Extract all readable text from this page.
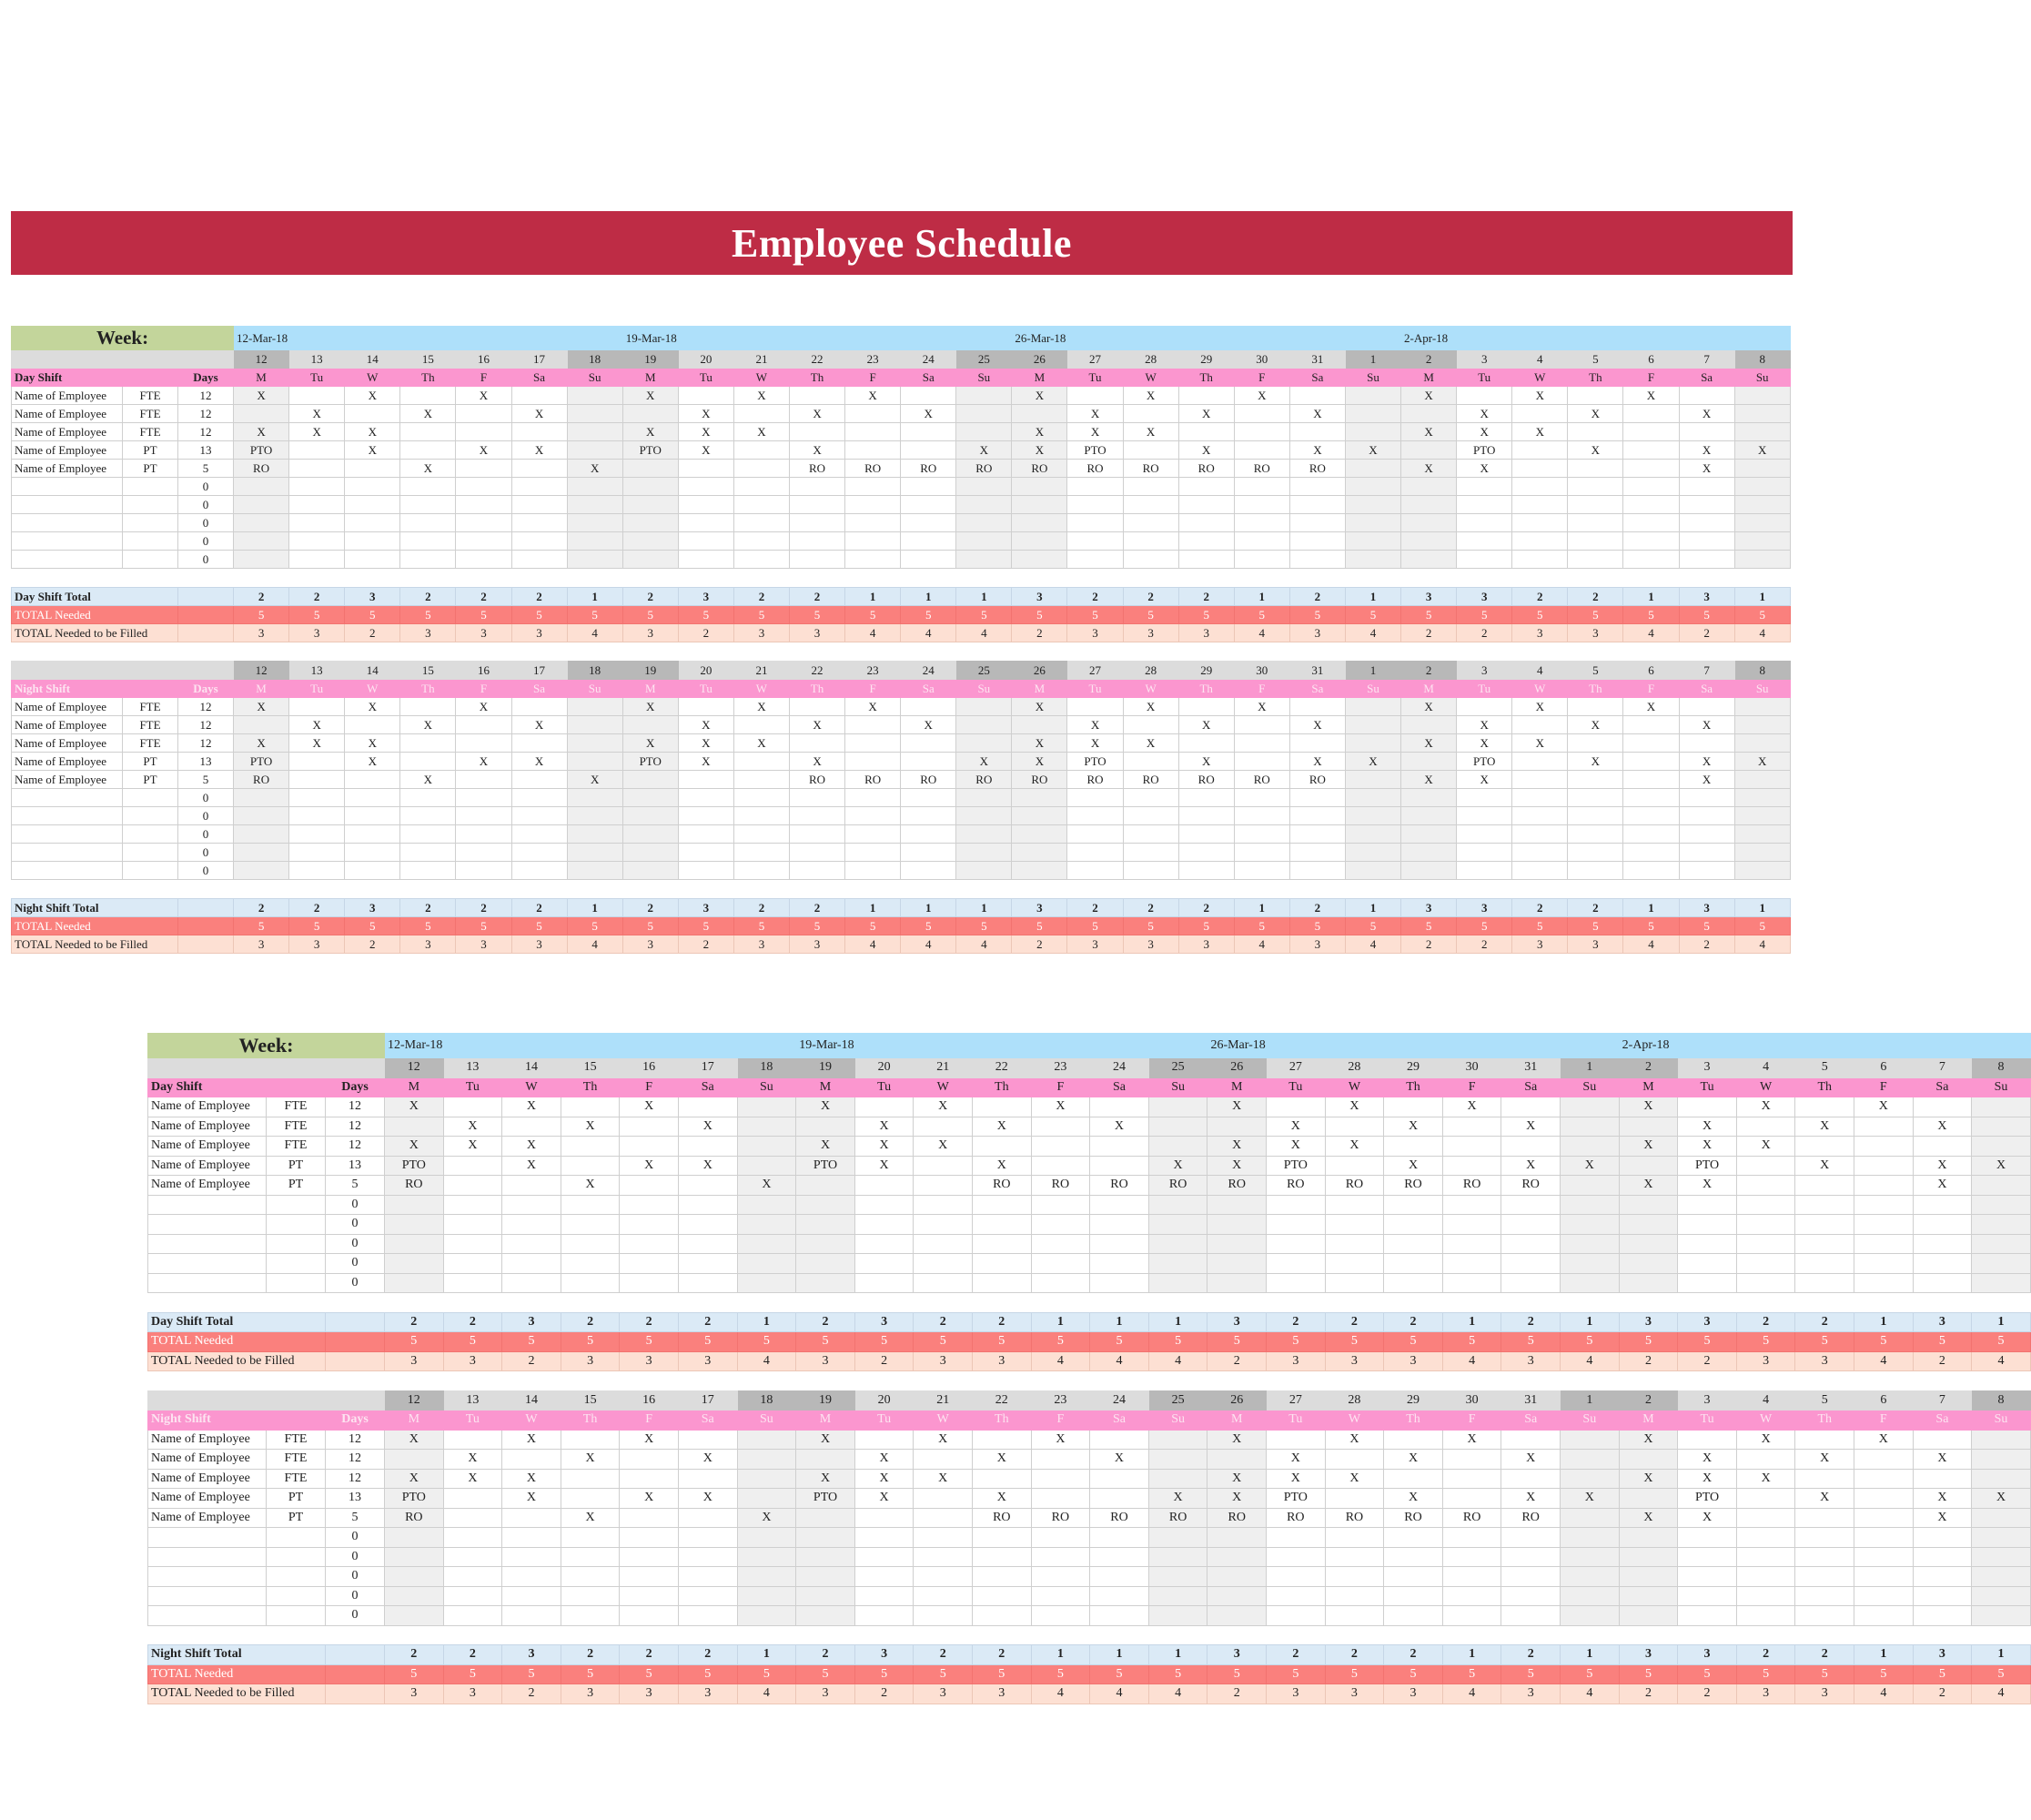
Employee Schedule
Week:			12-Mar-18							19-Mar-18							26-Mar-18							2-Apr-18						
			12	13	14	15	16	17	18	19	20	21	22	23	24	25	26	27	28	29	30	31	1	2	3	4	5	6	7	8
Day Shift		Days	M	Tu	W	Th	F	Sa	Su	M	Tu	W	Th	F	Sa	Su	M	Tu	W	Th	F	Sa	Su	M	Tu	W	Th	F	Sa	Su
Name of Employee	FTE	12	X		X		X			X		X		X			X		X		X			X		X		X		
Name of Employee	FTE	12		X		X		X			X		X		X			X		X		X			X		X		X	
Name of Employee	FTE	12	X	X	X					X	X	X					X	X	X					X	X	X				
Name of Employee	PT	13	PTO		X		X	X		PTO	X		X			X	X	PTO		X		X	X		PTO		X		X	X
Name of Employee	PT	5	RO			X			X				RO	RO	RO	RO	RO	RO	RO	RO	RO	RO		X	X				X	
		0																												
		0																												
		0																												
		0																												
		0																												

Day Shift Total			2	2	3	2	2	2	1	2	3	2	2	1	1	1	3	2	2	2	1	2	1	3	3	2	2	1	3	1
TOTAL Needed			5	5	5	5	5	5	5	5	5	5	5	5	5	5	5	5	5	5	5	5	5	5	5	5	5	5	5	5
TOTAL Needed to be Filled			3	3	2	3	3	3	4	3	2	3	3	4	4	4	2	3	3	3	4	3	4	2	2	3	3	4	2	4

			12	13	14	15	16	17	18	19	20	21	22	23	24	25	26	27	28	29	30	31	1	2	3	4	5	6	7	8
Night Shift		Days	M	Tu	W	Th	F	Sa	Su	M	Tu	W	Th	F	Sa	Su	M	Tu	W	Th	F	Sa	Su	M	Tu	W	Th	F	Sa	Su
Name of Employee	FTE	12	X		X		X			X		X		X			X		X		X			X		X		X		
Name of Employee	FTE	12		X		X		X			X		X		X			X		X		X			X		X		X	
Name of Employee	FTE	12	X	X	X					X	X	X					X	X	X					X	X	X				
Name of Employee	PT	13	PTO		X		X	X		PTO	X		X			X	X	PTO		X		X	X		PTO		X		X	X
Name of Employee	PT	5	RO			X			X				RO	RO	RO	RO	RO	RO	RO	RO	RO	RO		X	X				X	
		0																												
		0																												
		0																												
		0																												
		0																												

Night Shift Total			2	2	3	2	2	2	1	2	3	2	2	1	1	1	3	2	2	2	1	2	1	3	3	2	2	1	3	1
TOTAL Needed			5	5	5	5	5	5	5	5	5	5	5	5	5	5	5	5	5	5	5	5	5	5	5	5	5	5	5	5
TOTAL Needed to be Filled			3	3	2	3	3	3	4	3	2	3	3	4	4	4	2	3	3	3	4	3	4	2	2	3	3	4	2	4
Week:			12-Mar-18							19-Mar-18							26-Mar-18							2-Apr-18						
			12	13	14	15	16	17	18	19	20	21	22	23	24	25	26	27	28	29	30	31	1	2	3	4	5	6	7	8
Day Shift		Days	M	Tu	W	Th	F	Sa	Su	M	Tu	W	Th	F	Sa	Su	M	Tu	W	Th	F	Sa	Su	M	Tu	W	Th	F	Sa	Su
Name of Employee	FTE	12	X		X		X			X		X		X			X		X		X			X		X		X		
Name of Employee	FTE	12		X		X		X			X		X		X			X		X		X			X		X		X	
Name of Employee	FTE	12	X	X	X					X	X	X					X	X	X					X	X	X				
Name of Employee	PT	13	PTO		X		X	X		PTO	X		X			X	X	PTO		X		X	X		PTO		X		X	X
Name of Employee	PT	5	RO			X			X				RO	RO	RO	RO	RO	RO	RO	RO	RO	RO		X	X				X	
		0																												
		0																												
		0																												
		0																												
		0																												

Day Shift Total			2	2	3	2	2	2	1	2	3	2	2	1	1	1	3	2	2	2	1	2	1	3	3	2	2	1	3	1
TOTAL Needed			5	5	5	5	5	5	5	5	5	5	5	5	5	5	5	5	5	5	5	5	5	5	5	5	5	5	5	5
TOTAL Needed to be Filled			3	3	2	3	3	3	4	3	2	3	3	4	4	4	2	3	3	3	4	3	4	2	2	3	3	4	2	4

			12	13	14	15	16	17	18	19	20	21	22	23	24	25	26	27	28	29	30	31	1	2	3	4	5	6	7	8
Night Shift		Days	M	Tu	W	Th	F	Sa	Su	M	Tu	W	Th	F	Sa	Su	M	Tu	W	Th	F	Sa	Su	M	Tu	W	Th	F	Sa	Su
Name of Employee	FTE	12	X		X		X			X		X		X			X		X		X			X		X		X		
Name of Employee	FTE	12		X		X		X			X		X		X			X		X		X			X		X		X	
Name of Employee	FTE	12	X	X	X					X	X	X					X	X	X					X	X	X				
Name of Employee	PT	13	PTO		X		X	X		PTO	X		X			X	X	PTO		X		X	X		PTO		X		X	X
Name of Employee	PT	5	RO			X			X				RO	RO	RO	RO	RO	RO	RO	RO	RO	RO		X	X				X	
		0																												
		0																												
		0																												
		0																												
		0																												

Night Shift Total			2	2	3	2	2	2	1	2	3	2	2	1	1	1	3	2	2	2	1	2	1	3	3	2	2	1	3	1
TOTAL Needed			5	5	5	5	5	5	5	5	5	5	5	5	5	5	5	5	5	5	5	5	5	5	5	5	5	5	5	5
TOTAL Needed to be Filled			3	3	2	3	3	3	4	3	2	3	3	4	4	4	2	3	3	3	4	3	4	2	2	3	3	4	2	4
